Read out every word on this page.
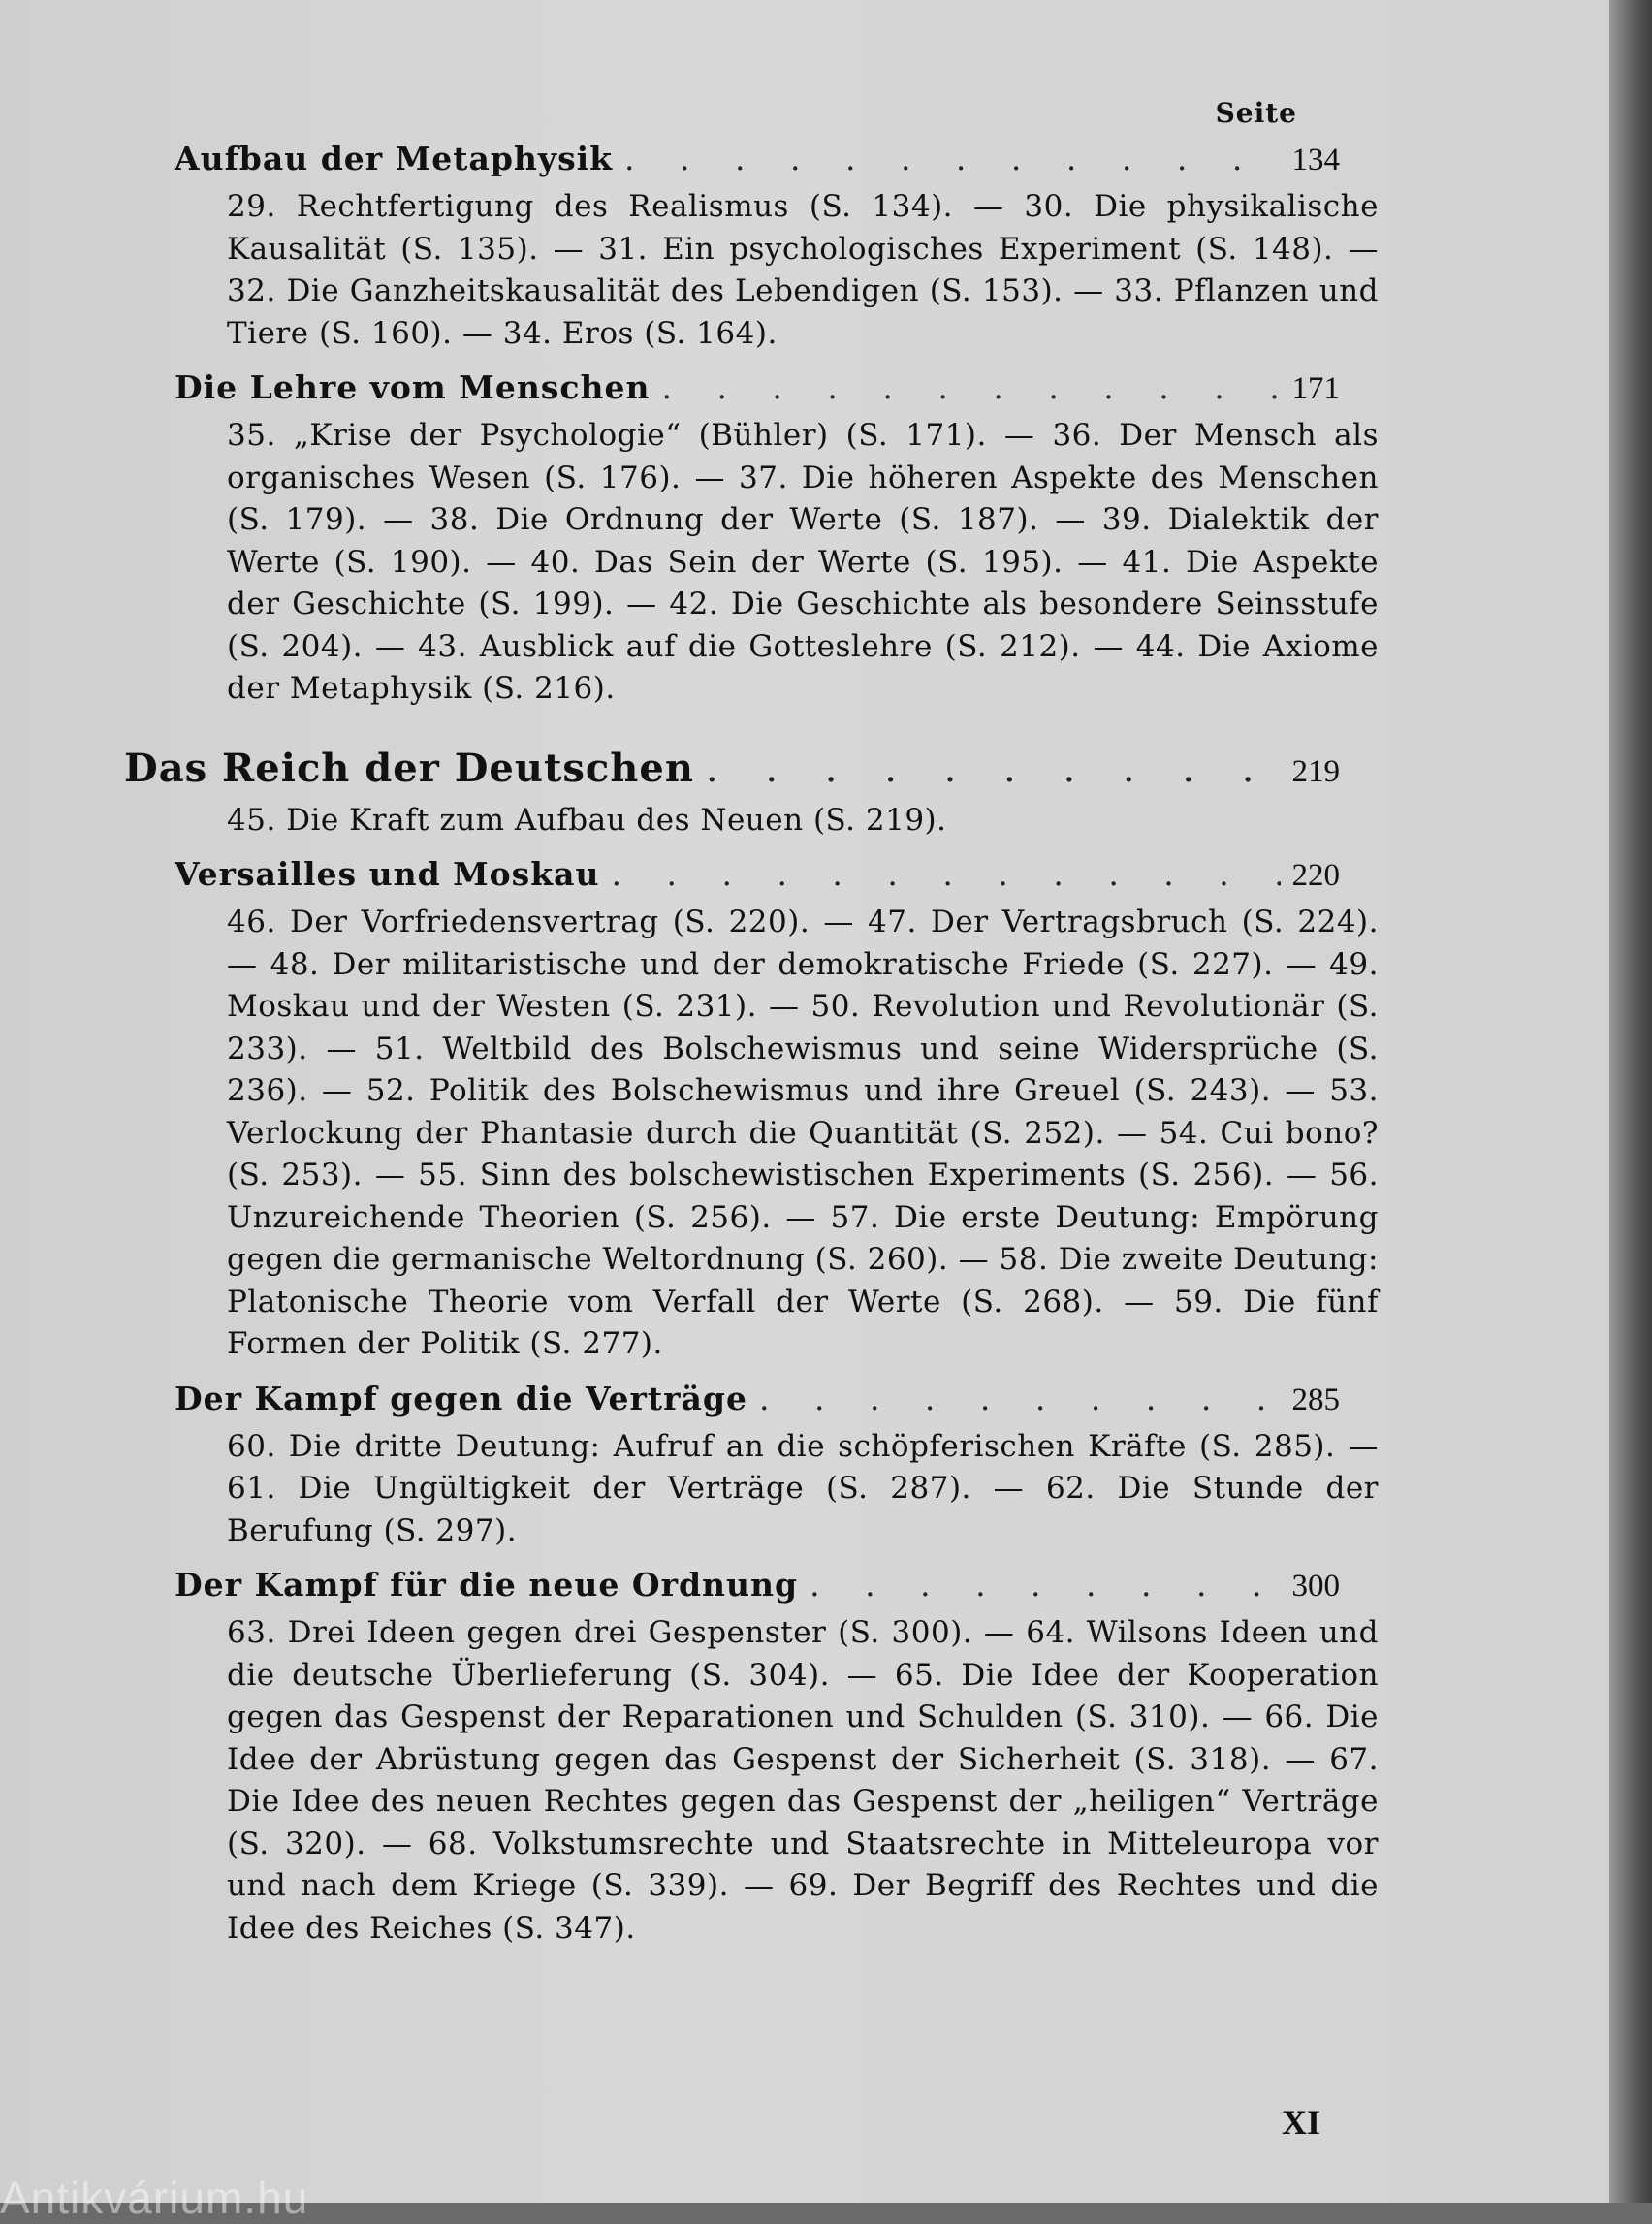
Seite
Aufbau der Metaphysik . . .	134
29. Rechtfertigung des Realismus (S. 134). — 30. Die physikalische Kausalität (S. 135). — 31. Ein psychologisches Experiment (S. 148). — 32. Die Ganzheitskausalität des Lebendigen (S. 153). — 33. Pflanzen und Tiere (S. 160). — 34. Eros (S. 164).
Die Lehre vom Menschen . . .	171
35. „Krise der Psychologie“ (Bühler) (S. 171). — 36. Der Mensch als organisches Wesen (S. 176). — 37. Die höheren Aspekte des Menschen (S. 179). — 38. Die Ordnung der Werte (S. 187). — 39. Dialektik der Werte (S. 190). — 40. Das Sein der Werte (S. 195). — 41. Die Aspekte der Geschichte (S. 199). — 42. Die Geschichte als besondere Seinsstufe (S. 204). — 43. Ausblick auf die Gotteslehre (S. 212). — 44. Die Axiome der Metaphysik (S. 216).
Das Reich der Deutschen . . .	219
45. Die Kraft zum Aufbau des Neuen (S. 219).
Versailles und Moskau . . .	220
46. Der Vorfriedensvertrag (S. 220). — 47. Der Vertragsbruch (S. 224). — 48. Der militaristische und der demokratische Friede (S. 227). — 49. Moskau und der Westen (S. 231). — 50. Revolution und Revolutionär (S. 233). — 51. Weltbild des Bolschewismus und seine Widersprüche (S. 236). — 52. Politik des Bolschewismus und ihre Greuel (S. 243). — 53. Verlockung der Phantasie durch die Quantität (S. 252). — 54. Cui bono? (S. 253). — 55. Sinn des bolschewistischen Experiments (S. 256). — 56. Unzureichende Theorien (S. 256). — 57. Die erste Deutung: Empörung gegen die germanische Weltordnung (S. 260). — 58. Die zweite Deutung: Platonische Theorie vom Verfall der Werte (S. 268). — 59. Die fünf Formen der Politik (S. 277).
Der Kampf gegen die Verträge . . .	285
60. Die dritte Deutung: Aufruf an die schöpferischen Kräfte (S. 285). — 61. Die Ungültigkeit der Verträge (S. 287). — 62. Die Stunde der Berufung (S. 297).
Der Kampf für die neue Ordnung . . .	300
63. Drei Ideen gegen drei Gespenster (S. 300). — 64. Wilsons Ideen und die deutsche Überlieferung (S. 304). — 65. Die Idee der Kooperation gegen das Gespenst der Reparationen und Schulden (S. 310). — 66. Die Idee der Abrüstung gegen das Gespenst der Sicherheit (S. 318). — 67. Die Idee des neuen Rechtes gegen das Gespenst der „heiligen“ Verträge (S. 320). — 68. Volkstumsrechte und Staatsrechte in Mitteleuropa vor und nach dem Kriege (S. 339). — 69. Der Begriff des Rechtes und die Idee des Reiches (S. 347).
XI
Antikvárium.hu
